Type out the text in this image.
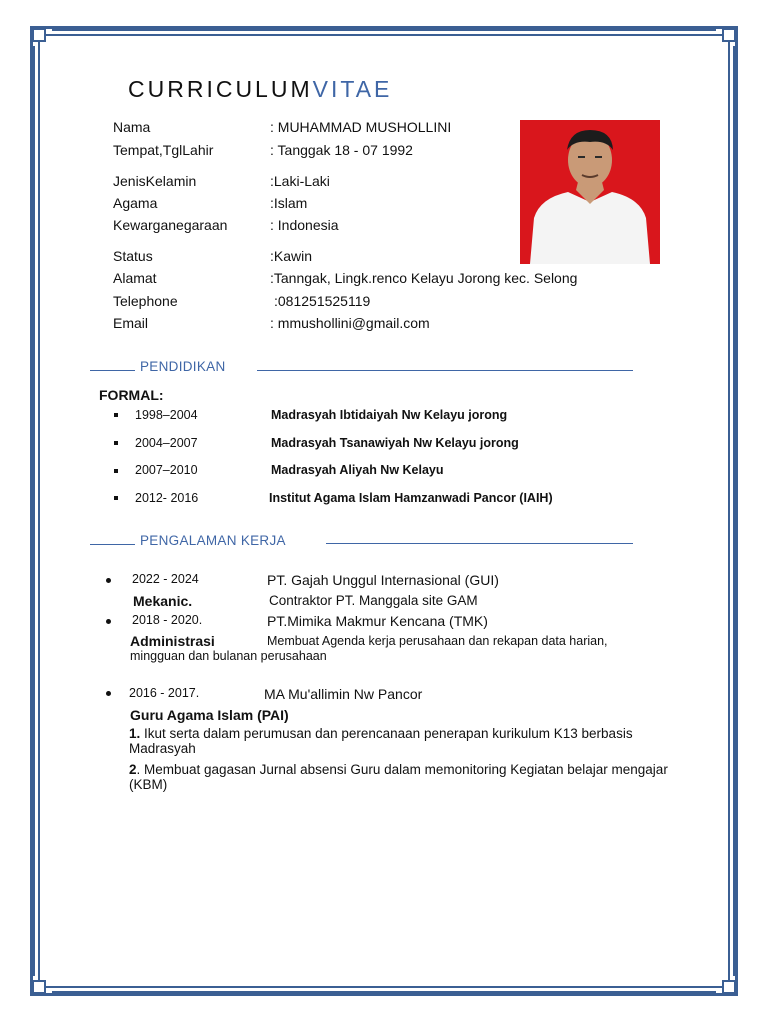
CURRICULUMVITAE
Nama	: MUHAMMAD MUSHOLLINI
Tempat,TglLahir	: Tanggak 18 - 07 1992
JenisKelamin	:Laki-Laki
Agama	:Islam
Kewarganegaraan	: Indonesia
Status	:Kawin
Alamat	:Tanngak, Lingk.renco Kelayu Jorong kec. Selong
Telephone	:081251525119
Email	: mmushollini@gmail.com
PENDIDIKAN
FORMAL:
1998–2004	Madrasyah Ibtidaiyah Nw Kelayu jorong
2004–2007	Madrasyah Tsanawiyah Nw Kelayu jorong
2007–2010	Madrasyah Aliyah Nw Kelayu
2012- 2016	Institut Agama Islam Hamzanwadi Pancor (IAIH)
PENGALAMAN KERJA
2022 - 2024	PT. Gajah Unggul Internasional (GUI)
Mekanic.	Contraktor PT. Manggala site GAM
2018 - 2020.	PT.Mimika Makmur Kencana (TMK)
Administrasi	Membuat Agenda kerja perusahaan dan rekapan data harian,
mingguan dan bulanan perusahaan
2016 - 2017.	MA Mu'allimin Nw Pancor
Guru Agama Islam (PAI)
1. Ikut serta dalam perumusan dan perencanaan penerapan kurikulum K13 berbasis Madrasyah
2. Membuat gagasan Jurnal absensi Guru dalam memonitoring Kegiatan belajar mengajar (KBM)
